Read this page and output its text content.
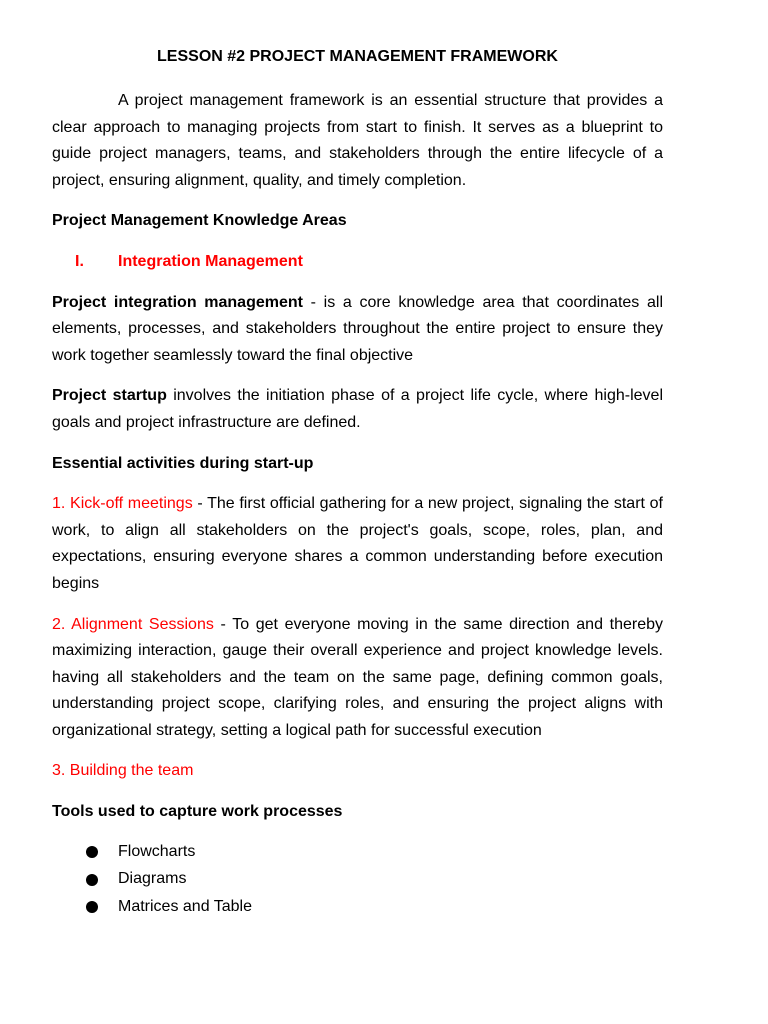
LESSON #2 PROJECT MANAGEMENT FRAMEWORK

A project management framework is an essential structure that provides a clear approach to managing projects from start to finish. It serves as a blueprint to guide project managers, teams, and stakeholders through the entire lifecycle of a project, ensuring alignment, quality, and timely completion.

Project Management Knowledge Areas

I.	Integration Management

Project integration management - is a core knowledge area that coordinates all elements, processes, and stakeholders throughout the entire project to ensure they work together seamlessly toward the final objective

Project startup involves the initiation phase of a project life cycle, where high-level goals and project infrastructure are defined.

Essential activities during start-up

1. Kick-off meetings - The first official gathering for a new project, signaling the start of work, to align all stakeholders on the project's goals, scope, roles, plan, and expectations, ensuring everyone shares a common understanding before execution begins

2. Alignment Sessions - To get everyone moving in the same direction and thereby maximizing interaction, gauge their overall experience and project knowledge levels. having all stakeholders and the team on the same page, defining common goals, understanding project scope, clarifying roles, and ensuring the project aligns with organizational strategy, setting a logical path for successful execution

3. Building the team

Tools used to capture work processes

Flowcharts
Diagrams
Matrices and Table
